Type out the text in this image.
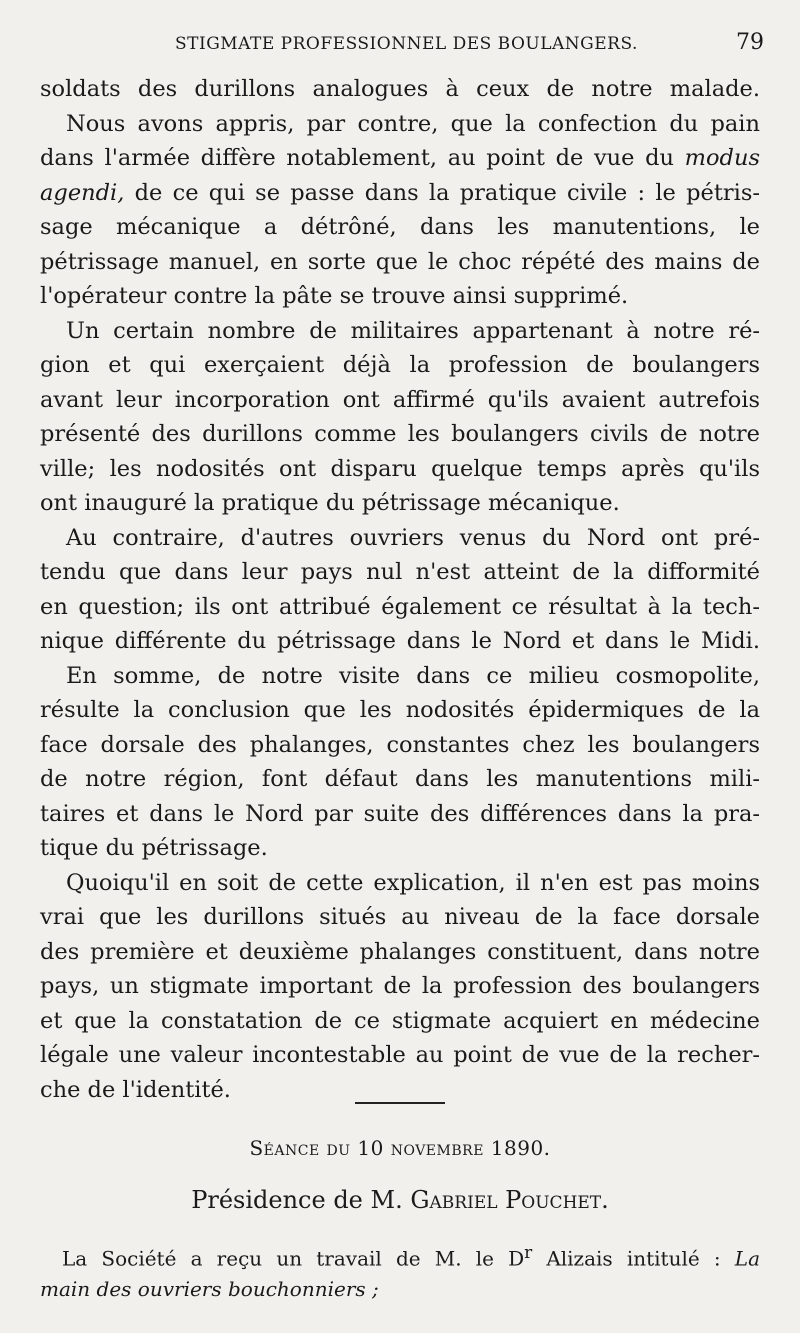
STIGMATE PROFESSIONNEL DES BOULANGERS.	79
soldats des durillons analogues à ceux de notre malade.
Nous avons appris, par contre, que la confection du pain
dans l'armée diffère notablement, au point de vue du modus
agendi, de ce qui se passe dans la pratique civile : le pétris-
sage mécanique a détrôné, dans les manutentions, le
pétrissage manuel, en sorte que le choc répété des mains de
l'opérateur contre la pâte se trouve ainsi supprimé.
Un certain nombre de militaires appartenant à notre ré-
gion et qui exerçaient déjà la profession de boulangers
avant leur incorporation ont affirmé qu'ils avaient autrefois
présenté des durillons comme les boulangers civils de notre
ville; les nodosités ont disparu quelque temps après qu'ils
ont inauguré la pratique du pétrissage mécanique.
Au contraire, d'autres ouvriers venus du Nord ont pré-
tendu que dans leur pays nul n'est atteint de la difformité
en question; ils ont attribué également ce résultat à la tech-
nique différente du pétrissage dans le Nord et dans le Midi.
En somme, de notre visite dans ce milieu cosmopolite,
résulte la conclusion que les nodosités épidermiques de la
face dorsale des phalanges, constantes chez les boulangers
de notre région, font défaut dans les manutentions mili-
taires et dans le Nord par suite des différences dans la pra-
tique du pétrissage.
Quoiqu'il en soit de cette explication, il n'en est pas moins
vrai que les durillons situés au niveau de la face dorsale
des première et deuxième phalanges constituent, dans notre
pays, un stigmate important de la profession des boulangers
et que la constatation de ce stigmate acquiert en médecine
légale une valeur incontestable au point de vue de la recher-
che de l'identité.
Séance du 10 novembre 1890.
Présidence de M. Gabriel Pouchet.
La Société a reçu un travail de M. le $D^r$ Alizais intitulé : La
main des ouvriers bouchonniers ;
